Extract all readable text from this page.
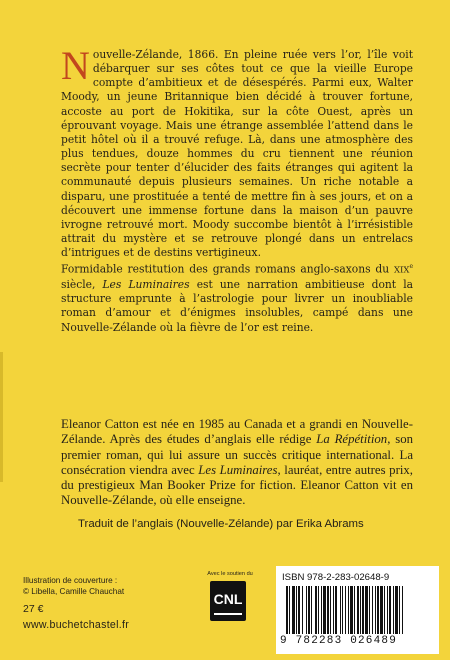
Nouvelle-Zélande, 1866. En pleine ruée vers l’or, l’île voit débarquer sur ses côtes tout ce que la vieille Europe compte d’ambitieux et de désespérés. Parmi eux, Walter Moody, un jeune Britannique bien décidé à trouver fortune, accoste au port de Hokitika, sur la côte Ouest, après un éprouvant voyage. Mais une étrange assemblée l’attend dans le petit hôtel où il a trouvé refuge. Là, dans une atmosphère des plus tendues, douze hommes du cru tiennent une réunion secrète pour tenter d’élucider des faits étranges qui agitent la communauté depuis plusieurs semaines. Un riche notable a disparu, une prostituée a tenté de mettre fin à ses jours, et on a découvert une immense fortune dans la maison d’un pauvre ivrogne retrouvé mort. Moody succombe bientôt à l’irrésistible attrait du mystère et se retrouve plongé dans un entrelacs d’intrigues et de destins vertigineux.

Formidable restitution des grands romans anglo-saxons du XIXe siècle, Les Luminaires est une narration ambitieuse dont la structure emprunte à l’astrologie pour livrer un inoubliable roman d’amour et d’énigmes insolubles, campé dans une Nouvelle-Zélande où la fièvre de l’or est reine.

Eleanor Catton est née en 1985 au Canada et a grandi en Nouvelle-Zélande. Après des études d’anglais elle rédige La Répétition, son premier roman, qui lui assure un succès critique international. La consécration viendra avec Les Luminaires, lauréat, entre autres prix, du prestigieux Man Booker Prize for fiction. Eleanor Catton vit en Nouvelle-Zélande, où elle enseigne.

Traduit de l’anglais (Nouvelle-Zélande) par Erika Abrams
Illustration de couverture :
© Libella, Camille Chauchat
27 €
www.buchetchastel.fr
Avec le soutien du
CNL
ISBN 978-2-283-02648-9
9 782283 026489
